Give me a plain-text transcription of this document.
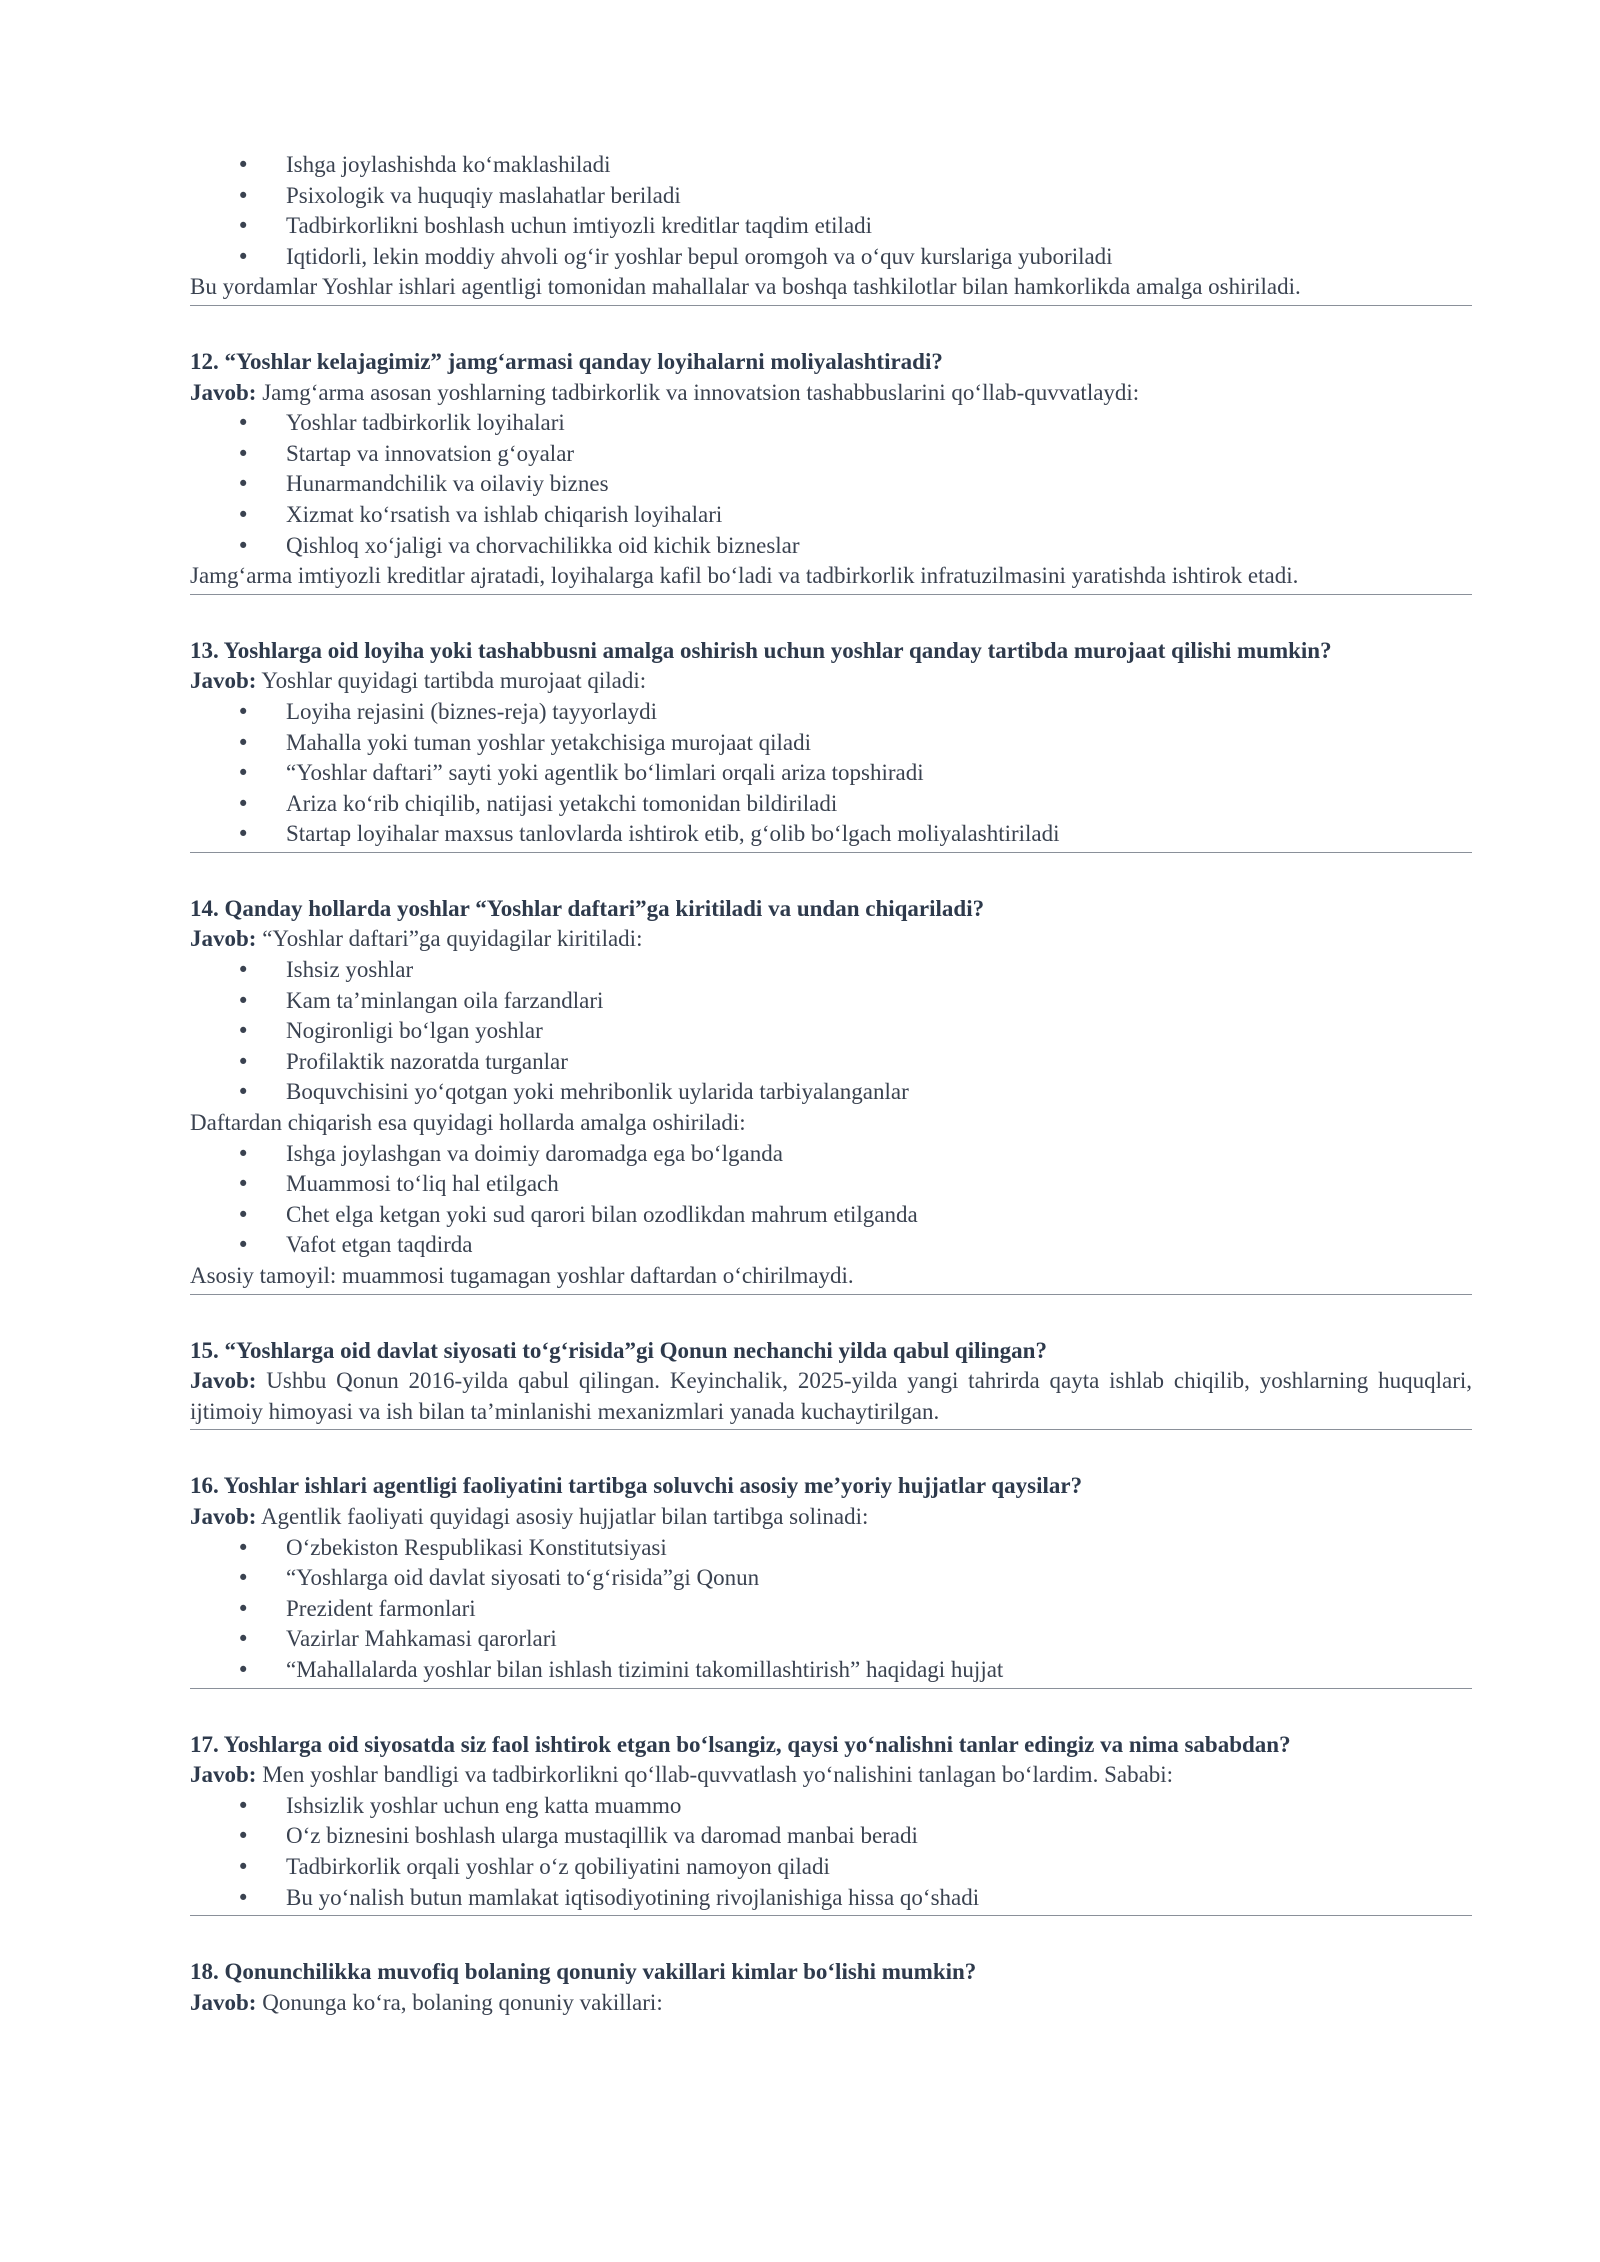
• Ishga joylashishda ko‘maklashiladi
• Psixologik va huquqiy maslahatlar beriladi
• Tadbirkorlikni boshlash uchun imtiyozli kreditlar taqdim etiladi
• Iqtidorli, lekin moddiy ahvoli og‘ir yoshlar bepul oromgoh va o‘quv kurslariga yuboriladi

Bu yordamlar Yoshlar ishlari agentligi tomonidan mahallalar va boshqa tashkilotlar bilan hamkorlikda amalga oshiriladi.

12. “Yoshlar kelajagimiz” jamg‘armasi qanday loyihalarni moliyalashtiradi?

Javob: Jamg‘arma asosan yoshlarning tadbirkorlik va innovatsion tashabbuslarini qo‘llab-quvvatlaydi:

• Yoshlar tadbirkorlik loyihalari
• Startap va innovatsion g‘oyalar
• Hunarmandchilik va oilaviy biznes
• Xizmat ko‘rsatish va ishlab chiqarish loyihalari
• Qishloq xo‘jaligi va chorvachilikka oid kichik bizneslar

Jamg‘arma imtiyozli kreditlar ajratadi, loyihalarga kafil bo‘ladi va tadbirkorlik infratuzilmasini yaratishda ishtirok etadi.

13. Yoshlarga oid loyiha yoki tashabbusni amalga oshirish uchun yoshlar qanday tartibda murojaat qilishi mumkin?

Javob: Yoshlar quyidagi tartibda murojaat qiladi:

• Loyiha rejasini (biznes-reja) tayyorlaydi
• Mahalla yoki tuman yoshlar yetakchisiga murojaat qiladi
• “Yoshlar daftari” sayti yoki agentlik bo‘limlari orqali ariza topshiradi
• Ariza ko‘rib chiqilib, natijasi yetakchi tomonidan bildiriladi
• Startap loyihalar maxsus tanlovlarda ishtirok etib, g‘olib bo‘lgach moliyalashtiriladi

14. Qanday hollarda yoshlar “Yoshlar daftari”ga kiritiladi va undan chiqariladi?

Javob: “Yoshlar daftari”ga quyidagilar kiritiladi:

• Ishsiz yoshlar
• Kam ta’minlangan oila farzandlari
• Nogironligi bo‘lgan yoshlar
• Profilaktik nazoratda turganlar
• Boquvchisini yo‘qotgan yoki mehribonlik uylarida tarbiyalanganlar

Daftardan chiqarish esa quyidagi hollarda amalga oshiriladi:

• Ishga joylashgan va doimiy daromadga ega bo‘lganda
• Muammosi to‘liq hal etilgach
• Chet elga ketgan yoki sud qarori bilan ozodlikdan mahrum etilganda
• Vafot etgan taqdirda

Asosiy tamoyil: muammosi tugamagan yoshlar daftardan o‘chirilmaydi.

15. “Yoshlarga oid davlat siyosati to‘g‘risida”gi Qonun nechanchi yilda qabul qilingan?

Javob: Ushbu Qonun 2016-yilda qabul qilingan. Keyinchalik, 2025-yilda yangi tahrirda qayta ishlab chiqilib, yoshlarning huquqlari, ijtimoiy himoyasi va ish bilan ta’minlanishi mexanizmlari yanada kuchaytirilgan.

16. Yoshlar ishlari agentligi faoliyatini tartibga soluvchi asosiy me’yoriy hujjatlar qaysilar?

Javob: Agentlik faoliyati quyidagi asosiy hujjatlar bilan tartibga solinadi:

• O‘zbekiston Respublikasi Konstitutsiyasi
• “Yoshlarga oid davlat siyosati to‘g‘risida”gi Qonun
• Prezident farmonlari
• Vazirlar Mahkamasi qarorlari
• “Mahallalarda yoshlar bilan ishlash tizimini takomillashtirish” haqidagi hujjat

17. Yoshlarga oid siyosatda siz faol ishtirok etgan bo‘lsangiz, qaysi yo‘nalishni tanlar edingiz va nima sababdan?

Javob: Men yoshlar bandligi va tadbirkorlikni qo‘llab-quvvatlash yo‘nalishini tanlagan bo‘lardim. Sababi:

• Ishsizlik yoshlar uchun eng katta muammo
• O‘z biznesini boshlash ularga mustaqillik va daromad manbai beradi
• Tadbirkorlik orqali yoshlar o‘z qobiliyatini namoyon qiladi
• Bu yo‘nalish butun mamlakat iqtisodiyotining rivojlanishiga hissa qo‘shadi

18. Qonunchilikka muvofiq bolaning qonuniy vakillari kimlar bo‘lishi mumkin?

Javob: Qonunga ko‘ra, bolaning qonuniy vakillari:
